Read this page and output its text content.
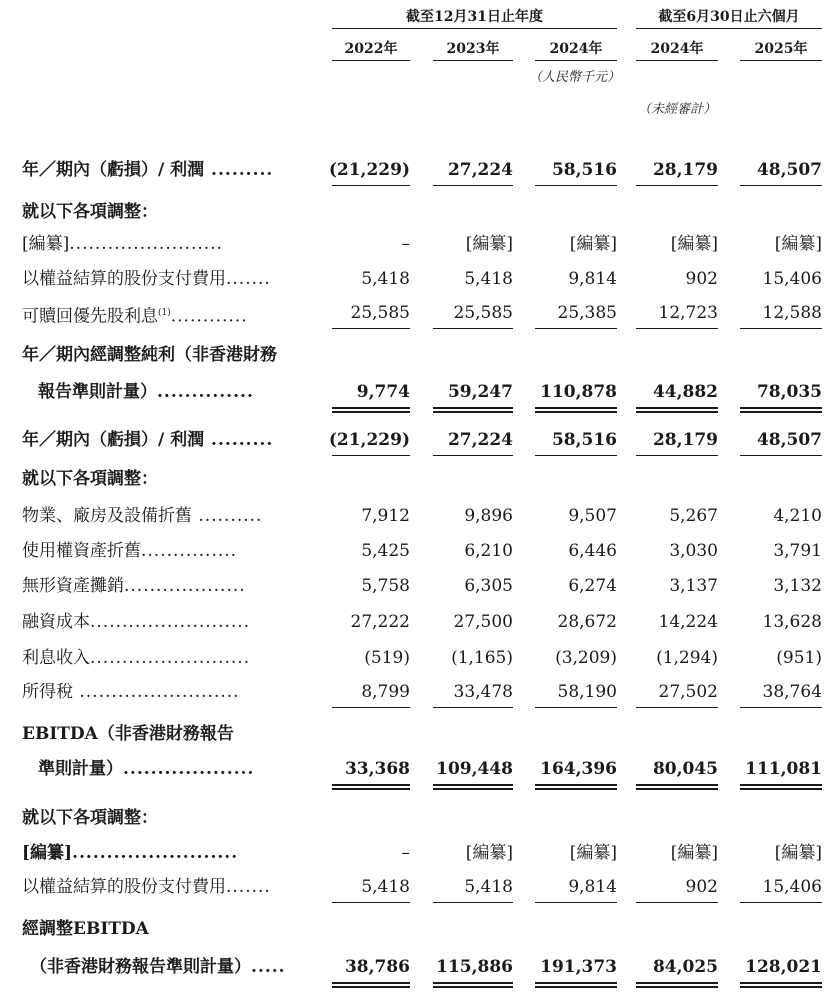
截至12月31日止年度	截至6月30日止六個月
2022年	2023年	2024年	2024年	2025年
（人民幣千元）
（未經審計）
年／期內（虧損）/ 利潤 .........	(21,229)	27,224	58,516	28,179	48,507
就以下各項調整：
[編纂]........................	–	[編纂]	[編纂]	[編纂]	[編纂]
以權益結算的股份支付費用.......	5,418	5,418	9,814	902	15,406
可贖回優先股利息$^{(1)}$............	25,585	25,585	25,385	12,723	12,588
年／期內經調整純利（非香港財務
報告準則計量）..............	9,774	59,247	110,878	44,882	78,035
年／期內（虧損）/ 利潤 .........	(21,229)	27,224	58,516	28,179	48,507
就以下各項調整：
物業、廠房及設備折舊 ..........	7,912	9,896	9,507	5,267	4,210
使用權資產折舊...............	5,425	6,210	6,446	3,030	3,791
無形資產攤銷...................	5,758	6,305	6,274	3,137	3,132
融資成本.........................	27,222	27,500	28,672	14,224	13,628
利息收入.........................	(519)	(1,165)	(3,209)	(1,294)	(951)
所得稅 .........................	8,799	33,478	58,190	27,502	38,764
EBITDA（非香港財務報告
準則計量）...................	33,368	109,448	164,396	80,045	111,081
就以下各項調整：
[編纂]........................	–	[編纂]	[編纂]	[編纂]	[編纂]
以權益結算的股份支付費用.......	5,418	5,418	9,814	902	15,406
經調整EBITDA
（非香港財務報告準則計量）.....	38,786	115,886	191,373	84,025	128,021
